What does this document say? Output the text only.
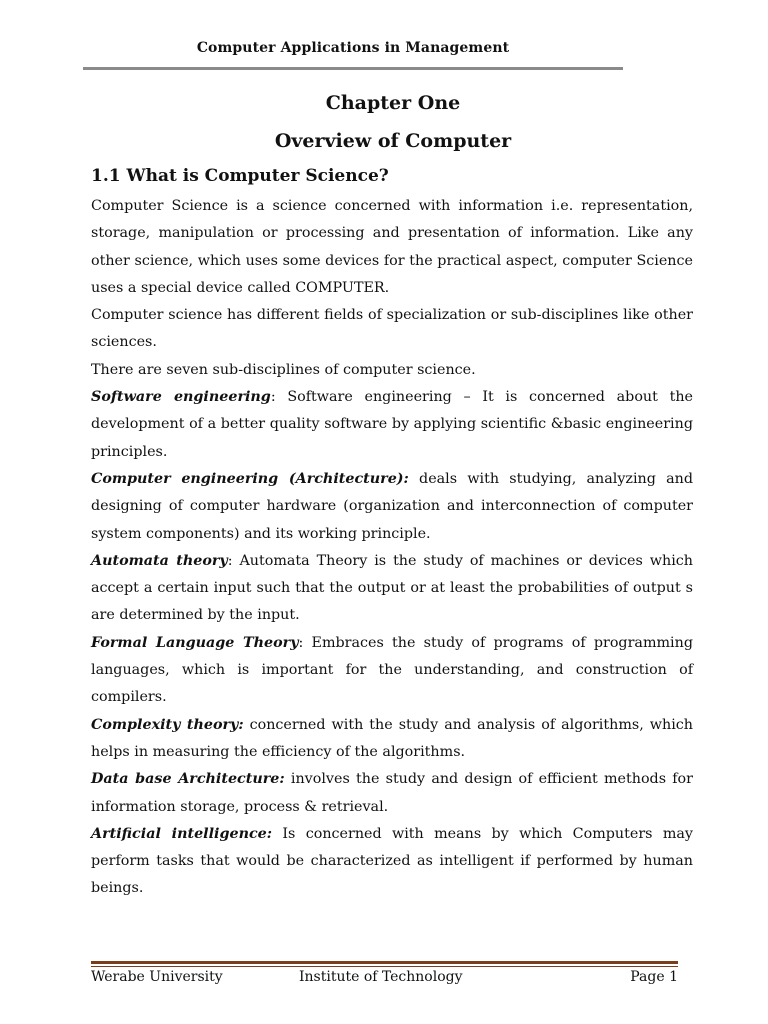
Computer Applications in Management
Chapter One
Overview of Computer
1.1 What is Computer Science?

Computer Science is a science concerned with information i.e. representation, storage, manipulation or processing and presentation of information. Like any other science, which uses some devices for the practical aspect, computer Science uses a special device called COMPUTER.

Computer science has different fields of specialization or sub-disciplines like other sciences.

There are seven sub-disciplines of computer science.

Software engineering: Software engineering – It is concerned about the development of a better quality software by applying scientific &basic engineering principles.

Computer engineering (Architecture): deals with studying, analyzing and designing of computer hardware (organization and interconnection of computer system components) and its working principle.

Automata theory: Automata Theory is the study of machines or devices which accept a certain input such that the output or at least the probabilities of output s are determined by the input.

Formal Language Theory: Embraces the study of programs of programming languages, which is important for the understanding, and construction of compilers.

Complexity theory: concerned with the study and analysis of algorithms, which helps in measuring the efficiency of the algorithms.

Data base Architecture: involves the study and design of efficient methods for information storage, process & retrieval.

Artificial intelligence: Is concerned with means by which Computers may perform tasks that would be characterized as intelligent if performed by human beings.

Werabe University	Institute of Technology	Page 1
